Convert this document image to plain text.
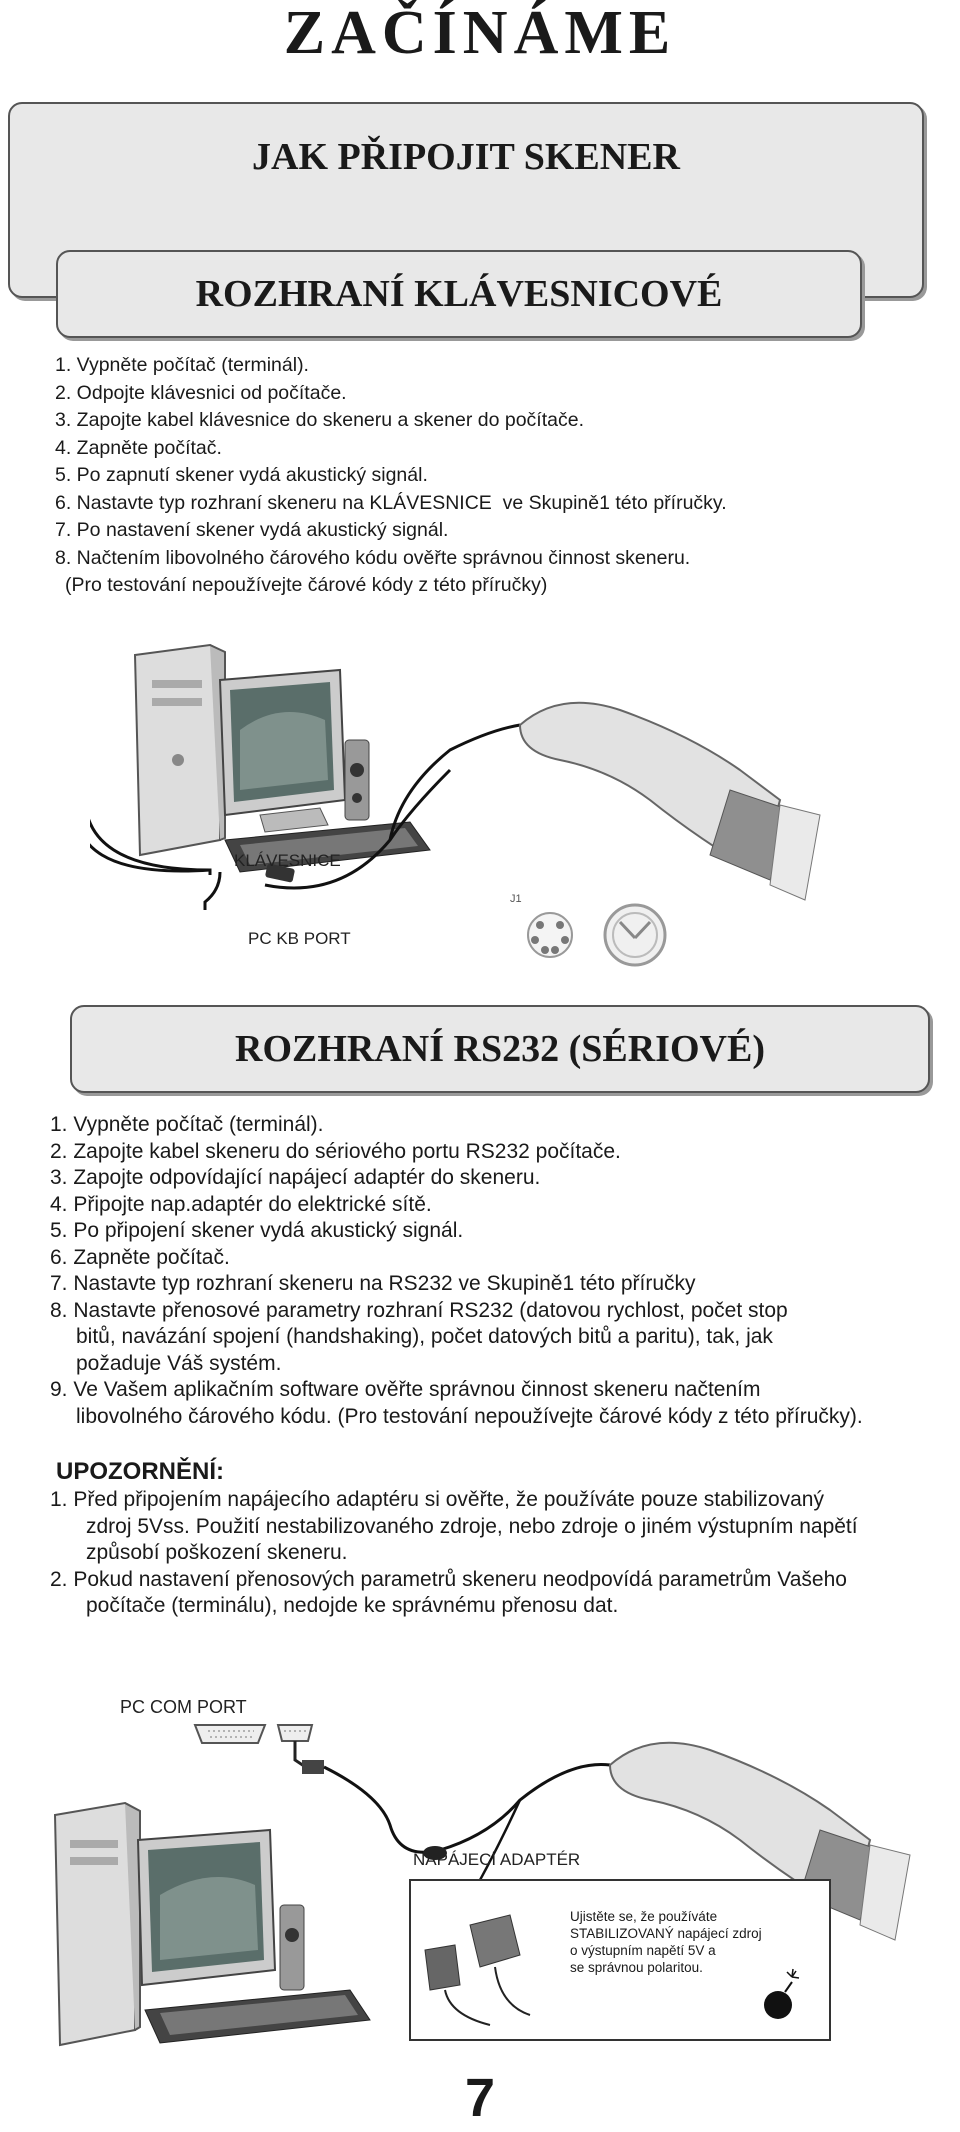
ZAČÍNÁME
JAK PŘIPOJIT SKENER
ROZHRANÍ KLÁVESNICOVÉ
1. Vypněte počítač (terminál).
2. Odpojte klávesnici od počítače.
3. Zapojte kabel klávesnice do skeneru a skener do počítače.
4. Zapněte počítač.
5. Po zapnutí skener vydá akustický signál.
6. Nastavte typ rozhraní skeneru na KLÁVESNICE  ve Skupině1 této příručky.
7. Po nastavení skener vydá akustický signál.
8. Načtením libovolného čárového kódu ověřte správnou činnost skeneru.
(Pro testování nepoužívejte čárové kódy z této příručky)
J1
KLÁVESNICE
PC KB PORT
ROZHRANÍ RS232 (SÉRIOVÉ)
1. Vypněte počítač (terminál).
2. Zapojte kabel skeneru do sériového portu RS232 počítače.
3. Zapojte odpovídající napájecí adaptér do skeneru.
4. Připojte nap.adaptér do elektrické sítě.
5. Po připojení skener vydá akustický signál.
6. Zapněte počítač.
7. Nastavte typ rozhraní skeneru na RS232 ve Skupině1 této příručky
8. Nastavte přenosové parametry rozhraní RS232 (datovou rychlost, počet stop
bitů, navázání spojení (handshaking), počet datových bitů a paritu), tak, jak
požaduje Váš systém.
9. Ve Vašem aplikačním software ověřte správnou činnost skeneru načtením
libovolného čárového kódu. (Pro testování nepoužívejte čárové kódy z této příručky).
UPOZORNĚNÍ:
1. Před připojením napájecího adaptéru si ověřte, že používáte pouze stabilizovaný
zdroj 5Vss. Použití nestabilizovaného zdroje, nebo zdroje o jiném výstupním napětí
způsobí poškození skeneru.
2. Pokud nastavení přenosových parametrů skeneru neodpovídá parametrům Vašeho
počítače (terminálu), nedojde ke správnému přenosu dat.
PC COM PORT
NAPÁJECÍ ADAPTÉR
Ujistěte se, že používáte
STABILIZOVANÝ napájecí zdroj
o výstupním napětí 5V a
se správnou polaritou.
7
